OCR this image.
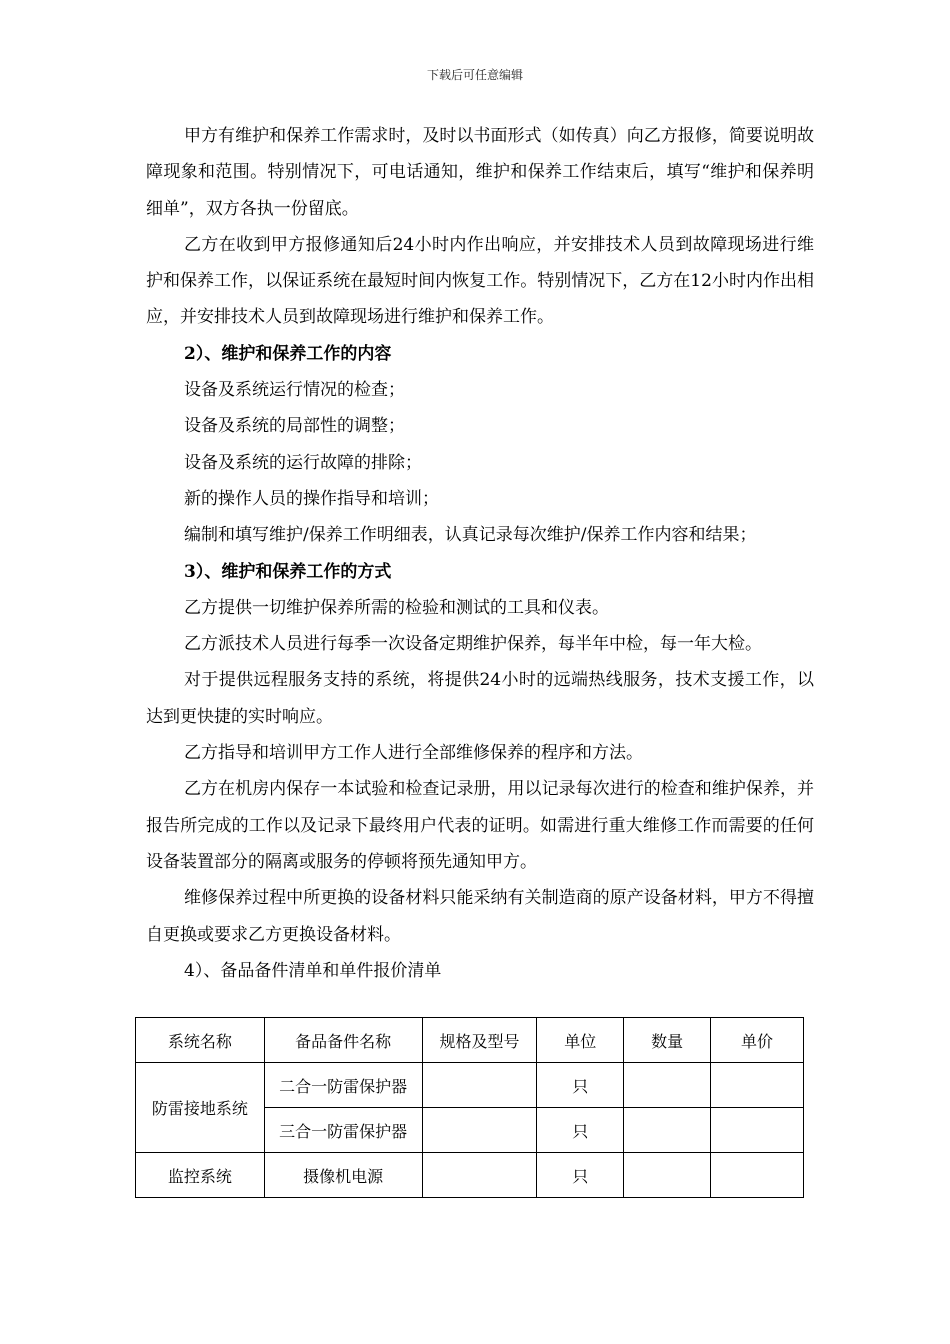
下载后可任意编辑

甲方有维护和保养工作需求时，及时以书面形式（如传真）向乙方报修，简要说明故障现象和范围。特别情况下，可电话通知，维护和保养工作结束后，填写“维护和保养明细单”，双方各执一份留底。

乙方在收到甲方报修通知后24小时内作出响应，并安排技术人员到故障现场进行维护和保养工作，以保证系统在最短时间内恢复工作。特别情况下，乙方在12小时内作出相应，并安排技术人员到故障现场进行维护和保养工作。

2）、维护和保养工作的内容

设备及系统运行情况的检查；

设备及系统的局部性的调整；

设备及系统的运行故障的排除；

新的操作人员的操作指导和培训；

编制和填写维护/保养工作明细表，认真记录每次维护/保养工作内容和结果；

3）、维护和保养工作的方式

乙方提供一切维护保养所需的检验和测试的工具和仪表。

乙方派技术人员进行每季一次设备定期维护保养，每半年中检，每一年大检。

对于提供远程服务支持的系统，将提供24小时的远端热线服务，技术支援工作，以达到更快捷的实时响应。

乙方指导和培训甲方工作人进行全部维修保养的程序和方法。

乙方在机房内保存一本试验和检查记录册，用以记录每次进行的检查和维护保养，并报告所完成的工作以及记录下最终用户代表的证明。如需进行重大维修工作而需要的任何设备装置部分的隔离或服务的停顿将预先通知甲方。

维修保养过程中所更换的设备材料只能采纳有关制造商的原产设备材料，甲方不得擅自更换或要求乙方更换设备材料。

4）、备品备件清单和单件报价清单

系统名称	备品备件名称	规格及型号	单位	数量	单价
防雷接地系统	二合一防雷保护器		只		
	三合一防雷保护器		只		
监控系统	摄像机电源		只		
